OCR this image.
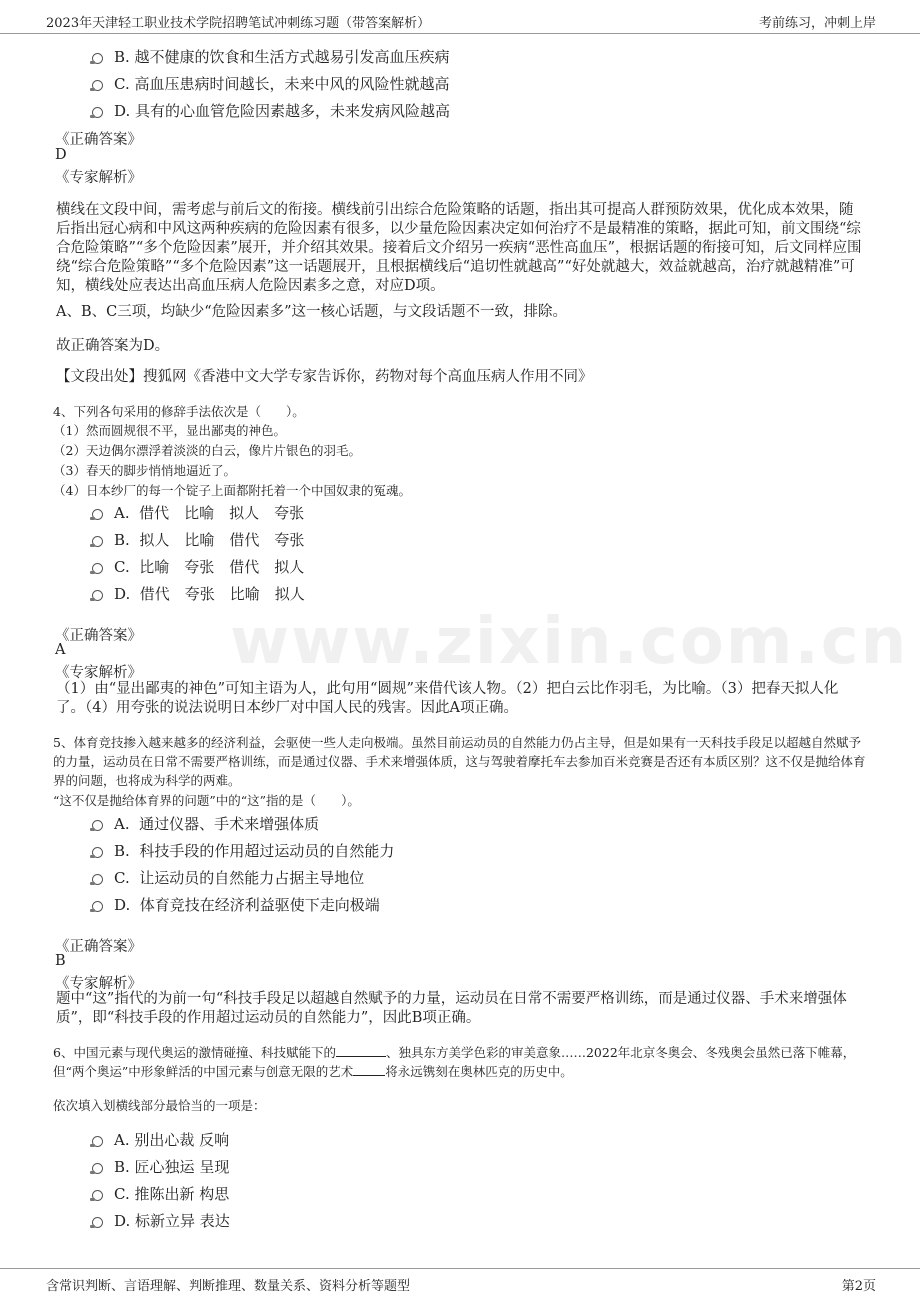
2023年天津轻工职业技术学院招聘笔试冲刺练习题（带答案解析）	考前练习，冲刺上岸
www.zixin.com.cn
B. 越不健康的饮食和生活方式越易引发高血压疾病
C. 高血压患病时间越长，未来中风的风险性就越高
D. 具有的心血管危险因素越多，未来发病风险越高
《正确答案》
D
《专家解析》
横线在文段中间，需考虑与前后文的衔接。横线前引出综合危险策略的话题，指出其可提高人群预防效果，优化成本效果，随后指出冠心病和中风这两种疾病的危险因素有很多，以少量危险因素决定如何治疗不是最精准的策略，据此可知，前文围绕“综合危险策略”“多个危险因素”展开，并介绍其效果。接着后文介绍另一疾病“恶性高血压”，根据话题的衔接可知，后文同样应围绕“综合危险策略”“多个危险因素”这一话题展开，且根据横线后“追切性就越高”“好处就越大，效益就越高，治疗就越精准”可知，横线处应表达出高血压病人危险因素多之意，对应D项。
A、B、C三项，均缺少“危险因素多”这一核心话题，与文段话题不一致，排除。
故正确答案为D。
【文段出处】搜狐网《香港中文大学专家告诉你，药物对每个高血压病人作用不同》
4、下列各句采用的修辞手法依次是（　　）。
（1）然而圆规很不平，显出鄙夷的神色。
（2）天边偶尔漂浮着淡淡的白云，像片片银色的羽毛。
（3）春天的脚步悄悄地逼近了。
（4）日本纱厂的每一个锭子上面都附托着一个中国奴隶的冤魂。
A.  借代　比喻　拟人　夸张
B.  拟人　比喻　借代　夸张
C.  比喻　夸张　借代　拟人
D.  借代　夸张　比喻　拟人
《正确答案》
A
《专家解析》
（1）由“显出鄙夷的神色”可知主语为人，此句用“圆规”来借代该人物。（2）把白云比作羽毛，为比喻。（3）把春天拟人化了。（4）用夸张的说法说明日本纱厂对中国人民的残害。因此A项正确。
5、体育竞技掺入越来越多的经济利益，会驱使一些人走向极端。虽然目前运动员的自然能力仍占主导，但是如果有一天科技手段足以超越自然赋予的力量，运动员在日常不需要严格训练，而是通过仪器、手术来增强体质，这与驾驶着摩托车去参加百米竞赛是否还有本质区别？这不仅是抛给体育界的问题，也将成为科学的两难。
“这不仅是抛给体育界的问题”中的“这”指的是（　　）。
A.  通过仪器、手术来增强体质
B.  科技手段的作用超过运动员的自然能力
C.  让运动员的自然能力占据主导地位
D.  体育竞技在经济利益驱使下走向极端
《正确答案》
B
《专家解析》
题中“这”指代的为前一句“科技手段足以超越自然赋予的力量，运动员在日常不需要严格训练，而是通过仪器、手术来增强体质”，即“科技手段的作用超过运动员的自然能力”，因此B项正确。
6、中国元素与现代奥运的激情碰撞、科技赋能下的	、独具东方美学色彩的审美意象……2022年北京冬奥会、冬残奥会虽然已落下帷幕，但“两个奥运”中形象鲜活的中国元素与创意无限的艺术	将永远镌刻在奥林匹克的历史中。
依次填入划横线部分最恰当的一项是：
A. 别出心裁 反响
B. 匠心独运 呈现
C. 推陈出新 构思
D. 标新立异 表达
含常识判断、言语理解、判断推理、数量关系、资料分析等题型	第2页
